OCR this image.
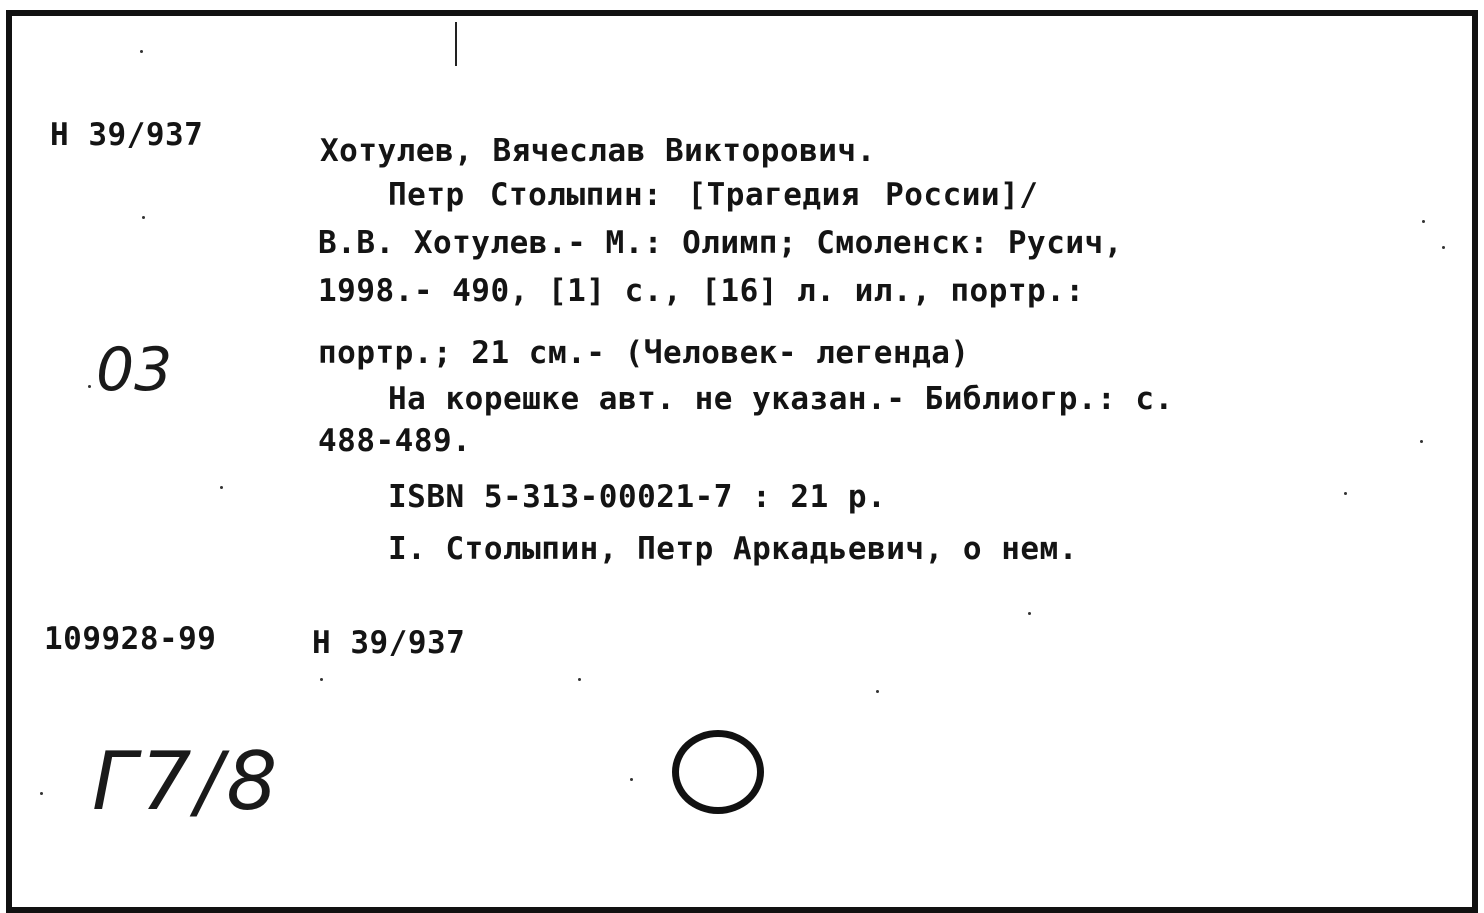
Н 39/937	Хотулев, Вячеслав Викторович.
Петр Столыпин: [Трагедия России]/
В.В. Хотулев.- М.: Олимп; Смоленск: Русич,
1998.- 490, [1] с., [16] л. ил., портр.:
портр.; 21 см.- (Человек- легенда)
На корешке авт. не указан.- Библиогр.: с.
488-489.
ISBN 5-313-00021-7 : 21 р.
I. Столыпин, Петр Аркадьевич, о нем.
109928-99	Н 39/937
03
Г7/8
